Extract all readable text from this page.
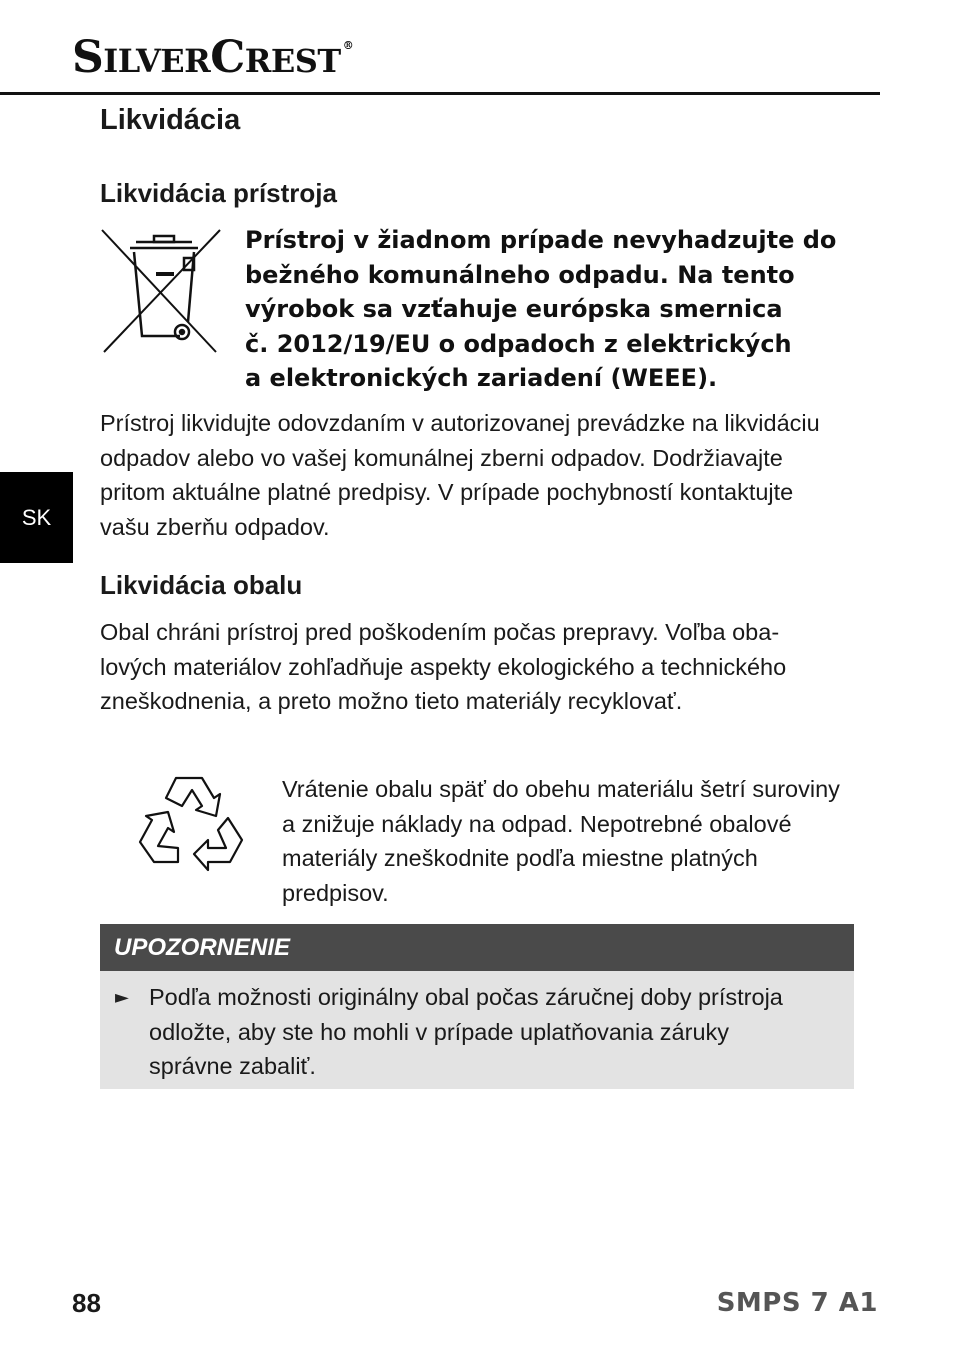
SILVERCREST ®
SK
Likvidácia
Likvidácia prístroja

Prístroj v žiadnom prípade nevyhadzujte do
bežného komunálneho odpadu. Na tento
výrobok sa vzťahuje európska smernica
č. 2012/19/EU o odpadoch z elektrických
a elektronických zariadení (WEEE).

Prístroj likvidujte odovzdaním v autorizovanej prevádzke na likvidáciu
odpadov alebo vo vašej komunálnej zberni odpadov. Dodržiavajte
pritom aktuálne platné predpisy. V prípade pochybností kontaktujte
vašu zberňu odpadov.

Likvidácia obalu

Obal chráni prístroj pred poškodením počas prepravy. Voľba oba-
lových materiálov zohľadňuje aspekty ekologického a technického
zneškodnenia, a preto možno tieto materiály recyklovať.

Vrátenie obalu späť do obehu materiálu šetrí suroviny
a znižuje náklady na odpad. Nepotrebné obalové
materiály zneškodnite podľa miestne platných
predpisov.

UPOZORNENIE
► Podľa možnosti originálny obal počas záručnej doby prístroja
odložte, aby ste ho mohli v prípade uplatňovania záruky
správne zabaliť.

88	SMPS 7 A1
